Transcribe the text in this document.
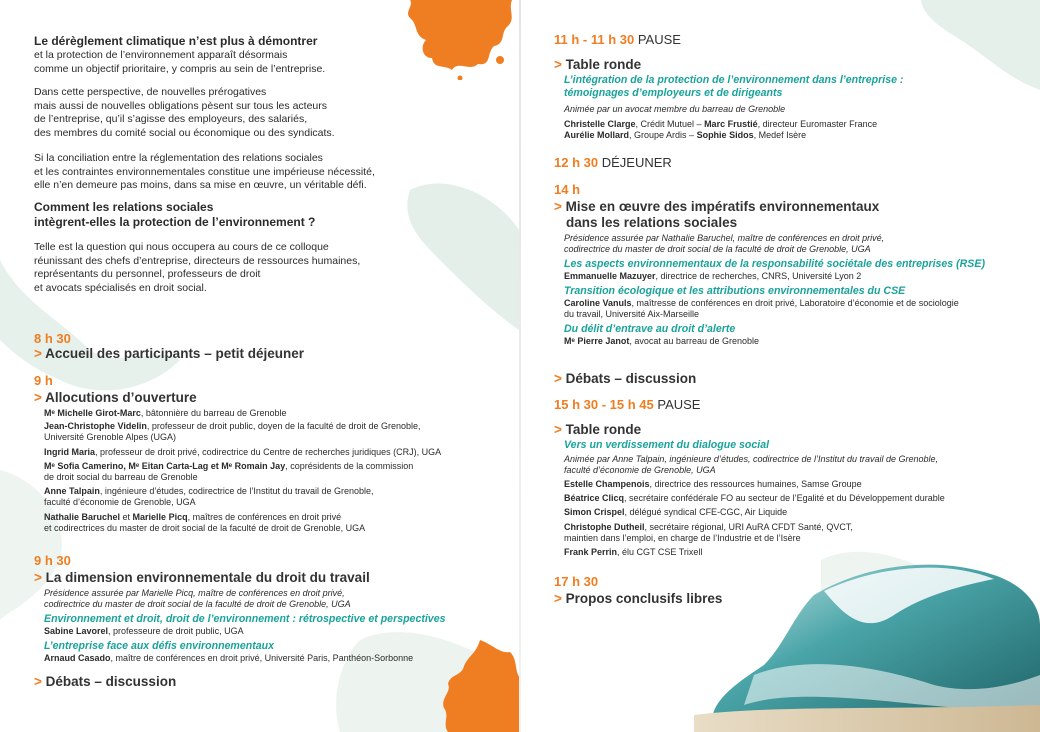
Le dérèglement climatique n’est plus à démontrer

et la protection de l’environnement apparaît désormais

comme un objectif prioritaire, y compris au sein de l’entreprise.

Dans cette perspective, de nouvelles prérogatives

mais aussi de nouvelles obligations pèsent sur tous les acteurs

de l’entreprise, qu’il s’agisse des employeurs, des salariés,

des membres du comité social ou économique ou des syndicats.

Si la conciliation entre la réglementation des relations sociales

et les contraintes environnementales constitue une impérieuse nécessité,

elle n’en demeure pas moins, dans sa mise en œuvre, un véritable défi.

Comment les relations sociales

intègrent-elles la protection de l’environnement ?

Telle est la question qui nous occupera au cours de ce colloque

réunissant des chefs d’entreprise, directeurs de ressources humaines,

représentants du personnel, professeurs de droit

et avocats spécialisés en droit social.

8 h 30
> Accueil des participants – petit déjeuner
9 h
> Allocutions d’ouverture
Mᵉ Michelle Girot-Marc, bâtonnière du barreau de Grenoble
Jean-Christophe Videlin, professeur de droit public, doyen de la faculté de droit de Grenoble,
Université Grenoble Alpes (UGA)
Ingrid Maria, professeur de droit privé, codirectrice du Centre de recherches juridiques (CRJ), UGA
Mᵉ Sofia Camerino, Mᵉ Eitan Carta-Lag et Mᵉ Romain Jay, coprésidents de la commission
de droit social du barreau de Grenoble
Anne Talpain, ingénieure d’études, codirectrice de l’Institut du travail de Grenoble,
faculté d’économie de Grenoble, UGA
Nathalie Baruchel et Marielle Picq, maîtres de conférences en droit privé
et codirectrices du master de droit social de la faculté de droit de Grenoble, UGA
9 h 30
> La dimension environnementale du droit du travail
Présidence assurée par Marielle Picq, maître de conférences en droit privé,
codirectrice du master de droit social de la faculté de droit de Grenoble, UGA
Environnement et droit, droit de l’environnement : rétrospective et perspectives
Sabine Lavorel, professeure de droit public, UGA
L’entreprise face aux défis environnementaux
Arnaud Casado, maître de conférences en droit privé, Université Paris, Panthéon-Sorbonne
> Débats – discussion
11 h - 11 h 30 PAUSE
> Table ronde
L’intégration de la protection de l’environnement dans l’entreprise :
témoignages d’employeurs et de dirigeants
Animée par un avocat membre du barreau de Grenoble
Christelle Clarge, Crédit Mutuel – Marc Frustié, directeur Euromaster France
Aurélie Mollard, Groupe Ardis – Sophie Sidos, Medef Isère
12 h 30 DÉJEUNER
14 h
> Mise en œuvre des impératifs environnementaux
dans les relations sociales
Présidence assurée par Nathalie Baruchel, maître de conférences en droit privé,
codirectrice du master de droit social de la faculté de droit de Grenoble, UGA
Les aspects environnementaux de la responsabilité sociétale des entreprises (RSE)
Emmanuelle Mazuyer, directrice de recherches, CNRS, Université Lyon 2
Transition écologique et les attributions environnementales du CSE
Caroline Vanuls, maîtresse de conférences en droit privé, Laboratoire d’économie et de sociologie
du travail, Université Aix-Marseille
Du délit d’entrave au droit d’alerte
Mᵉ Pierre Janot, avocat au barreau de Grenoble
> Débats – discussion
15 h 30 - 15 h 45 PAUSE
> Table ronde
Vers un verdissement du dialogue social
Animée par Anne Talpain, ingénieure d’études, codirectrice de l’Institut du travail de Grenoble,
faculté d’économie de Grenoble, UGA
Estelle Champenois, directrice des ressources humaines, Samse Groupe
Béatrice Clicq, secrétaire confédérale FO au secteur de l’Egalité et du Développement durable
Simon Crispel, délégué syndical CFE-CGC, Air Liquide
Christophe Dutheil, secrétaire régional, URI AuRA CFDT Santé, QVCT,
maintien dans l’emploi, en charge de l’Industrie et de l’Isère
Frank Perrin, élu CGT CSE Trixell
17 h 30
> Propos conclusifs libres
